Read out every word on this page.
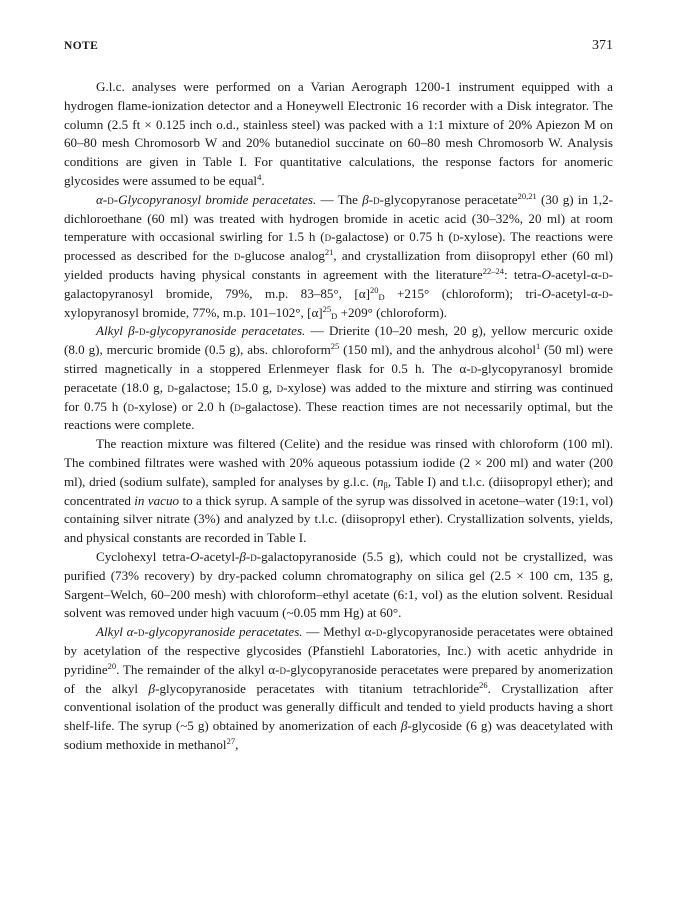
NOTE	371

G.l.c. analyses were performed on a Varian Aerograph 1200-1 instrument equipped with a hydrogen flame-ionization detector and a Honeywell Electronic 16 recorder with a Disk integrator. The column (2.5 ft × 0.125 inch o.d., stainless steel) was packed with a 1:1 mixture of 20% Apiezon M on 60–80 mesh Chromosorb W and 20% butanediol succinate on 60–80 mesh Chromosorb W. Analysis conditions are given in Table I. For quantitative calculations, the response factors for anomeric glycosides were assumed to be equal$^4$.

α-d-Glycopyranosyl bromide peracetates. — The β-d-glycopyranose peracetate$^{20,21}$ (30 g) in 1,2-dichloroethane (60 ml) was treated with hydrogen bromide in acetic acid (30–32%, 20 ml) at room temperature with occasional swirling for 1.5 h (d-galactose) or 0.75 h (d-xylose). The reactions were processed as described for the d-glucose analog$^{21}$, and crystallization from diisopropyl ether (60 ml) yielded products having physical constants in agreement with the literature$^{22-24}$: tetra-O-acetyl-α-d-galactopyranosyl bromide, 79%, m.p. 83–85°, $[\alpha]^{20}_D +215^\circ$ (chloroform); tri-O-acetyl-α-d-xylopyranosyl bromide, 77%, m.p. 101–102°, $[\alpha]^{25}_D +209^\circ$ (chloroform).

Alkyl β-d-glycopyranoside peracetates. — Drierite (10–20 mesh, 20 g), yellow mercuric oxide (8.0 g), mercuric bromide (0.5 g), abs. chloroform$^{25}$ (150 ml), and the anhydrous alcohol$^1$ (50 ml) were stirred magnetically in a stoppered Erlenmeyer flask for 0.5 h. The α-d-glycopyranosyl bromide peracetate (18.0 g, d-galactose; 15.0 g, d-xylose) was added to the mixture and stirring was continued for 0.75 h (d-xylose) or 2.0 h (d-galactose). These reaction times are not necessarily optimal, but the reactions were complete.

The reaction mixture was filtered (Celite) and the residue was rinsed with chloroform (100 ml). The combined filtrates were washed with 20% aqueous potassium iodide (2 × 200 ml) and water (200 ml), dried (sodium sulfate), sampled for analyses by g.l.c. ($n_\beta$, Table I) and t.l.c. (diisopropyl ether); and concentrated in vacuo to a thick syrup. A sample of the syrup was dissolved in acetone–water (19:1, vol) containing silver nitrate (3%) and analyzed by t.l.c. (diisopropyl ether). Crystallization solvents, yields, and physical constants are recorded in Table I.

Cyclohexyl tetra-O-acetyl-β-d-galactopyranoside (5.5 g), which could not be crystallized, was purified (73% recovery) by dry-packed column chromatography on silica gel (2.5 × 100 cm, 135 g, Sargent–Welch, 60–200 mesh) with chloroform–ethyl acetate (6:1, vol) as the elution solvent. Residual solvent was removed under high vacuum (~0.05 mm Hg) at 60°.

Alkyl α-d-glycopyranoside peracetates. — Methyl α-d-glycopyranoside peracetates were obtained by acetylation of the respective glycosides (Pfanstiehl Laboratories, Inc.) with acetic anhydride in pyridine$^{20}$. The remainder of the alkyl α-d-glycopyranoside peracetates were prepared by anomerization of the alkyl β-glycopyranoside peracetates with titanium tetrachloride$^{26}$. Crystallization after conventional isolation of the product was generally difficult and tended to yield products having a short shelf-life. The syrup (~5 g) obtained by anomerization of each β-glycoside (6 g) was deacetylated with sodium methoxide in methanol$^{27}$,
